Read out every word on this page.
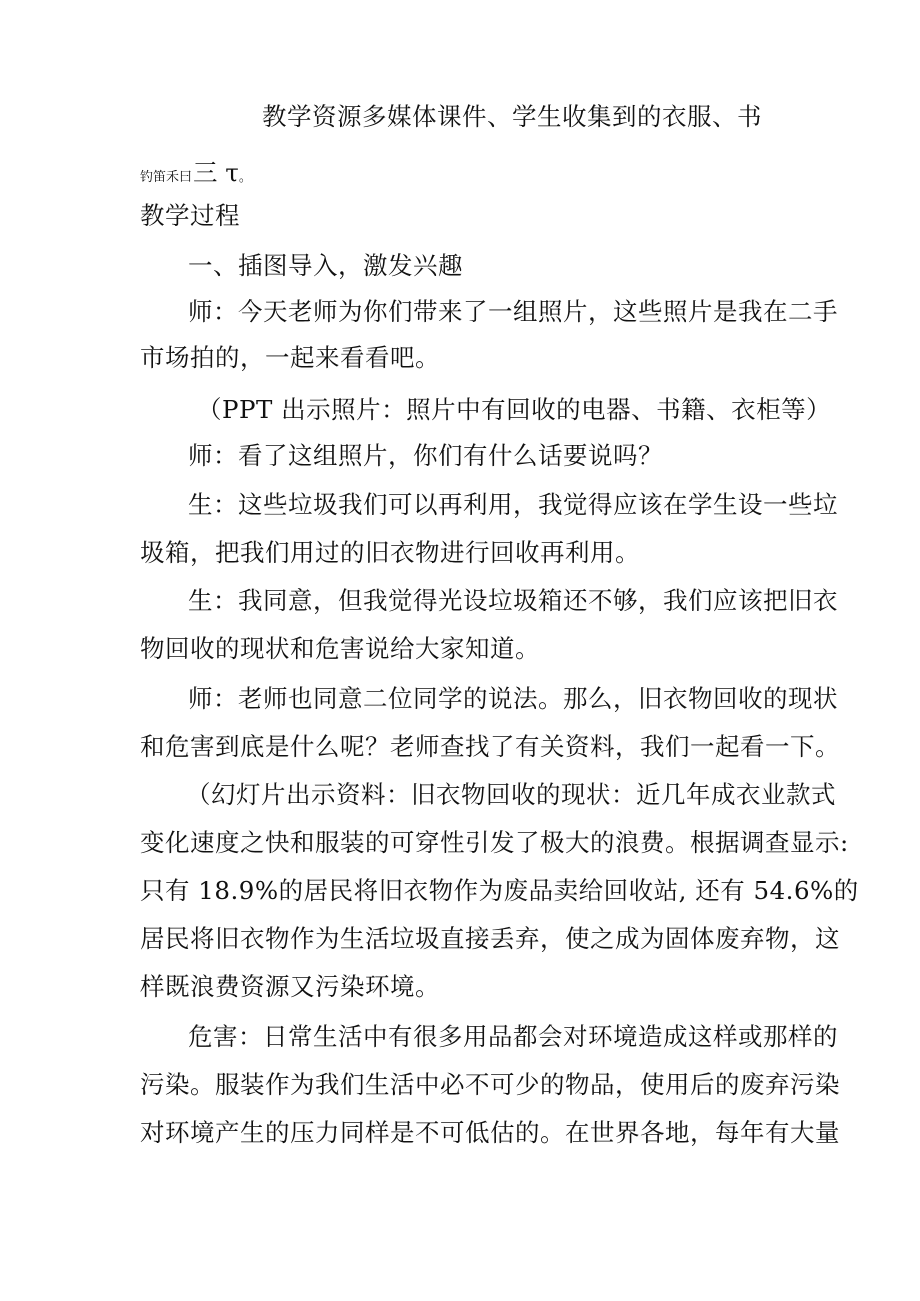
教学资源多媒体课件、学生收集到的衣服、书
钓笛禾曰三 τ。
教学过程
一、插图导入，激发兴趣
师：今天老师为你们带来了一组照片，这些照片是我在二手
市场拍的，一起来看看吧。
（PPT 出示照片：照片中有回收的电器、书籍、衣柜等）
师：看了这组照片，你们有什么话要说吗？
生：这些垃圾我们可以再利用，我觉得应该在学生设一些垃
圾箱，把我们用过的旧衣物进行回收再利用。
生：我同意，但我觉得光设垃圾箱还不够，我们应该把旧衣
物回收的现状和危害说给大家知道。
师：老师也同意二位同学的说法。那么，旧衣物回收的现状
和危害到底是什么呢？老师查找了有关资料，我们一起看一下。
（幻灯片出示资料：旧衣物回收的现状：近几年成衣业款式
变化速度之快和服装的可穿性引发了极大的浪费。根据调查显示:
只有 18.9%的居民将旧衣物作为废品卖给回收站, 还有 54.6%的
居民将旧衣物作为生活垃圾直接丢弃，使之成为固体废弃物，这
样既浪费资源又污染环境。
危害：日常生活中有很多用品都会对环境造成这样或那样的
污染。服装作为我们生活中必不可少的物品，使用后的废弃污染
对环境产生的压力同样是不可低估的。在世界各地，每年有大量
